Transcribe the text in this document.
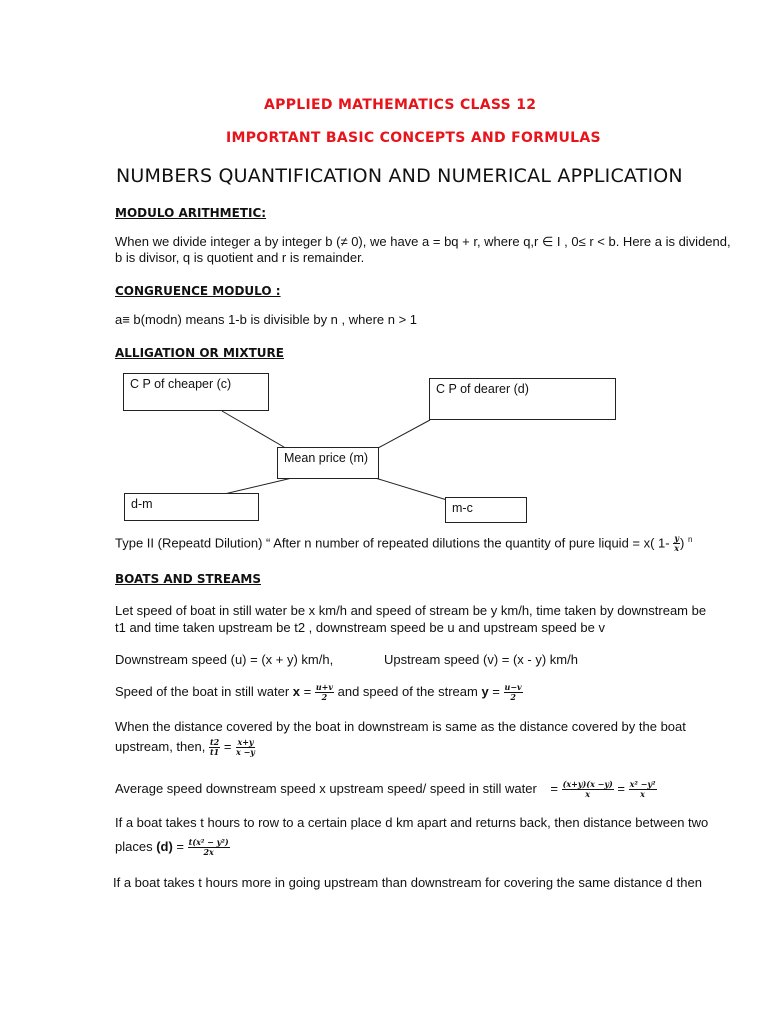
APPLIED MATHEMATICS CLASS 12
IMPORTANT BASIC CONCEPTS AND FORMULAS
NUMBERS QUANTIFICATION AND NUMERICAL APPLICATION
MODULO ARITHMETIC:
When we divide integer a by integer b (≠ 0), we have a = bq + r, where q,r ∈ I , 0≤ r < b. Here a is dividend,
b is divisor, q is quotient and r is remainder.
CONGRUENCE MODULO :
a≡ b(modn) means 1-b is divisible by n , where n > 1
ALLIGATION OR MIXTURE
C P of cheaper (c)	C P of dearer (d)
Mean price (m)
d-m	m-c
Type II (Repeatd Dilution) “ After n number of repeated dilutions the quantity of pure liquid = x( $1- \frac{y}{x}$ ) $^n$
BOATS AND STREAMS
Let speed of boat in still water be x km/h and speed of stream be y km/h, time taken by downstream be
t1 and time taken upstream be t2 , downstream speed be u and upstream speed be v
Downstream speed (u) = (x + y) km/h,	Upstream speed (v) = (x - y) km/h
Speed of the boat in still water $x = \frac{u+v}{2}$ and speed of the stream $y = \frac{u-v}{2}$
When the distance covered by the boat in downstream is same as the distance covered by the boat
upstream, then, $\frac{t2}{t1} = \frac{x+y}{x -y}$
Average speed downstream speed x upstream speed/ speed in still water = $\frac{(x+y)(x -y)}{x} = \frac{\text{x² −y²}}{x}$
If a boat takes t hours to row to a certain place d km apart and returns back, then distance between two
places $(d) = \frac{\text{t(x² − y²)}}{2x}$
If a boat takes t hours more in going upstream than downstream for covering the same distance d then
